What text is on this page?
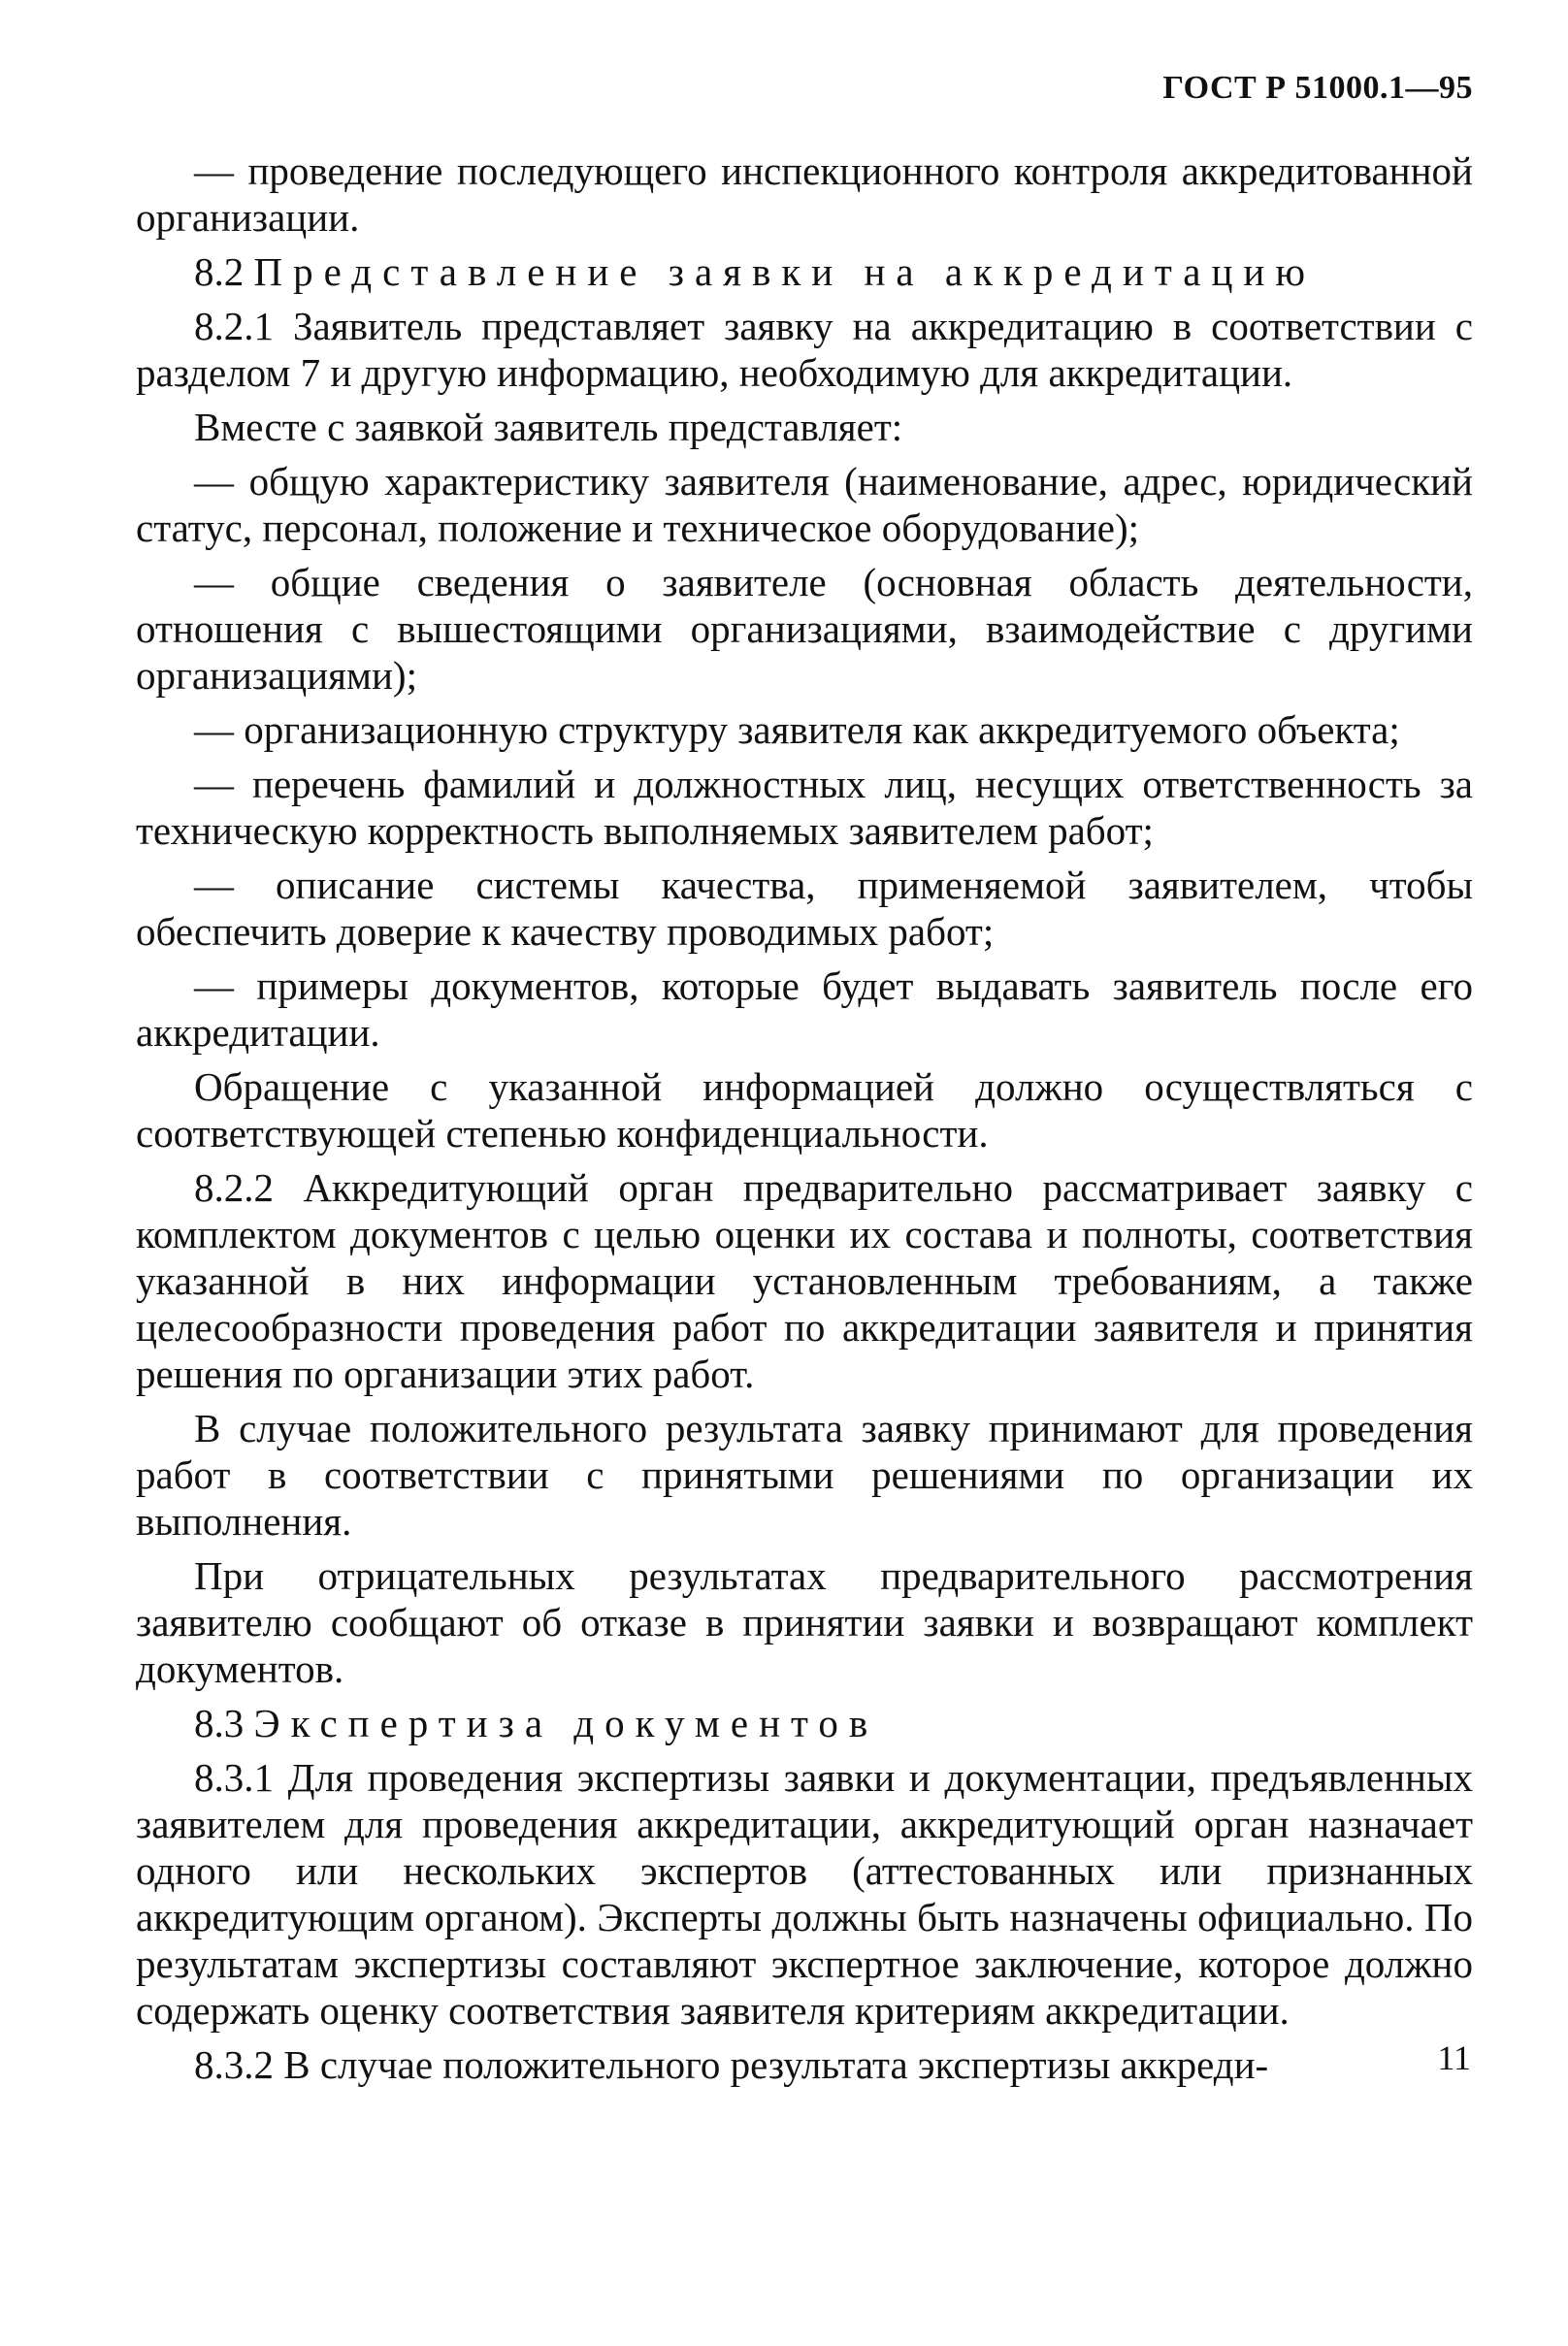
ГОСТ Р 51000.1—95

— проведение последующего инспекционного контроля аккредитованной организации.

8.2 Представление заявки на аккредитацию

8.2.1 Заявитель представляет заявку на аккредитацию в соответствии с разделом 7 и другую информацию, необходимую для аккредитации.

Вместе с заявкой заявитель представляет:

— общую характеристику заявителя (наименование, адрес, юридический статус, персонал, положение и техническое оборудование);

— общие сведения о заявителе (основная область деятельности, отношения с вышестоящими организациями, взаимодействие с другими организациями);

— организационную структуру заявителя как аккредитуемого объекта;

— перечень фамилий и должностных лиц, несущих ответственность за техническую корректность выполняемых заявителем работ;

— описание системы качества, применяемой заявителем, чтобы обеспечить доверие к качеству проводимых работ;

— примеры документов, которые будет выдавать заявитель после его аккредитации.

Обращение с указанной информацией должно осуществляться с соответствующей степенью конфиденциальности.

8.2.2 Аккредитующий орган предварительно рассматривает заявку с комплектом документов с целью оценки их состава и полноты, соответствия указанной в них информации установленным требованиям, а также целесообразности проведения работ по аккредитации заявителя и принятия решения по организации этих работ.

В случае положительного результата заявку принимают для проведения работ в соответствии с принятыми решениями по организации их выполнения.

При отрицательных результатах предварительного рассмотрения заявителю сообщают об отказе в принятии заявки и возвращают комплект документов.

8.3 Экспертиза документов

8.3.1 Для проведения экспертизы заявки и документации, предъявленных заявителем для проведения аккредитации, аккредитующий орган назначает одного или нескольких экспертов (аттестованных или признанных аккредитующим органом). Эксперты должны быть назначены официально. По результатам экспертизы составляют экспертное заключение, которое должно содержать оценку соответствия заявителя критериям аккредитации.

8.3.2 В случае положительного результата экспертизы аккреди-	11
